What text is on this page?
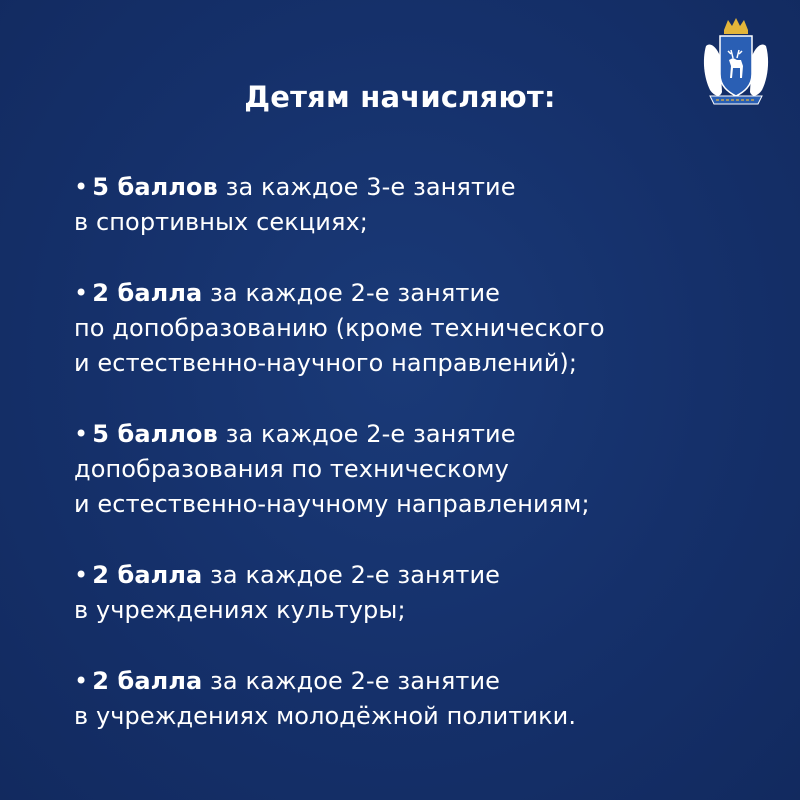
Детям начисляют:
• 5 баллов за каждое 3-е занятие
в спортивных секциях;
• 2 балла за каждое 2-е занятие
по допобразованию (кроме технического
и естественно-научного направлений);
• 5 баллов за каждое 2-е занятие
допобразования по техническому
и естественно-научному направлениям;
• 2 балла за каждое 2-е занятие
в учреждениях культуры;
• 2 балла за каждое 2-е занятие
в учреждениях молодёжной политики.
